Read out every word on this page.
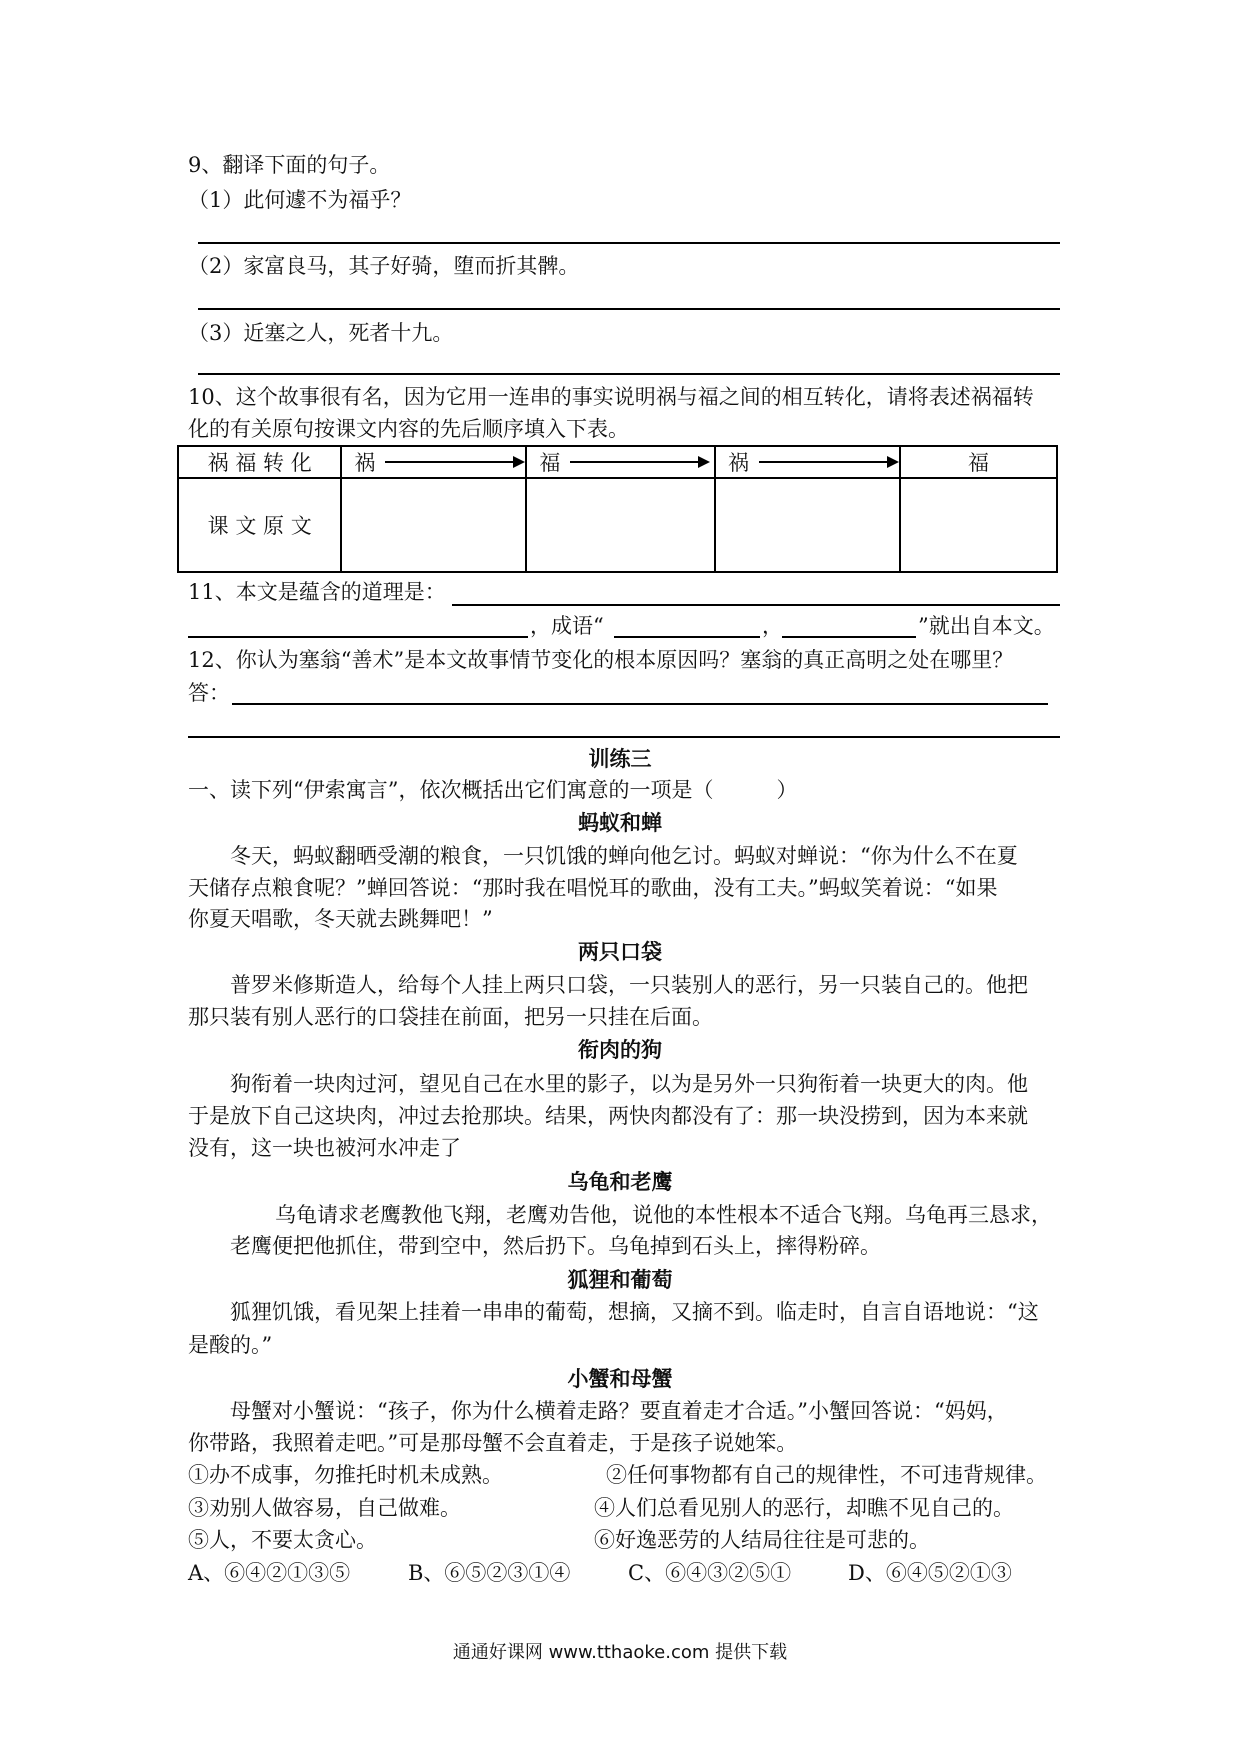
9、翻译下面的句子。
（1）此何遽不为福乎？
（2）家富良马，其子好骑，堕而折其髀。
（3）近塞之人，死者十九。
10、这个故事很有名，因为它用一连串的事实说明祸与福之间的相互转化，请将表述祸福转
化的有关原句按课文内容的先后顺序填入下表。
祸 福 转 化	祸	福	祸	福
课 文 原 文				
11、本文是蕴含的道理是：
，成语“	，	”就出自本文。
12、你认为塞翁“善术”是本文故事情节变化的根本原因吗？塞翁的真正高明之处在哪里？
答：
训练三
一、读下列“伊索寓言”，依次概括出它们寓意的一项是（　　　）
蚂蚁和蝉
冬天，蚂蚁翻晒受潮的粮食，一只饥饿的蝉向他乞讨。蚂蚁对蝉说：“你为什么不在夏
天储存点粮食呢？”蝉回答说：“那时我在唱悦耳的歌曲，没有工夫。”蚂蚁笑着说：“如果
你夏天唱歌，冬天就去跳舞吧！”
两只口袋
普罗米修斯造人，给每个人挂上两只口袋，一只装别人的恶行，另一只装自己的。他把
那只装有别人恶行的口袋挂在前面，把另一只挂在后面。
衔肉的狗
狗衔着一块肉过河，望见自己在水里的影子，以为是另外一只狗衔着一块更大的肉。他
于是放下自己这块肉，冲过去抢那块。结果，两快肉都没有了：那一块没捞到，因为本来就
没有，这一块也被河水冲走了
乌龟和老鹰
乌龟请求老鹰教他飞翔，老鹰劝告他，说他的本性根本不适合飞翔。乌龟再三恳求，
老鹰便把他抓住，带到空中，然后扔下。乌龟掉到石头上，摔得粉碎。
狐狸和葡萄
狐狸饥饿，看见架上挂着一串串的葡萄，想摘，又摘不到。临走时，自言自语地说：“这
是酸的。”
小蟹和母蟹
母蟹对小蟹说：“孩子，你为什么横着走路？要直着走才合适。”小蟹回答说：“妈妈，
你带路，我照着走吧。”可是那母蟹不会直着走，于是孩子说她笨。
①办不成事，勿推托时机未成熟。	②任何事物都有自己的规律性，不可违背规律。
③劝别人做容易，自己做难。	④人们总看见别人的恶行，却瞧不见自己的。
⑤人，不要太贪心。	⑥好逸恶劳的人结局往往是可悲的。
A、⑥④②①③⑤	B、⑥⑤②③①④	C、⑥④③②⑤①	D、⑥④⑤②①③
通通好课网 www.tthaoke.com 提供下载
